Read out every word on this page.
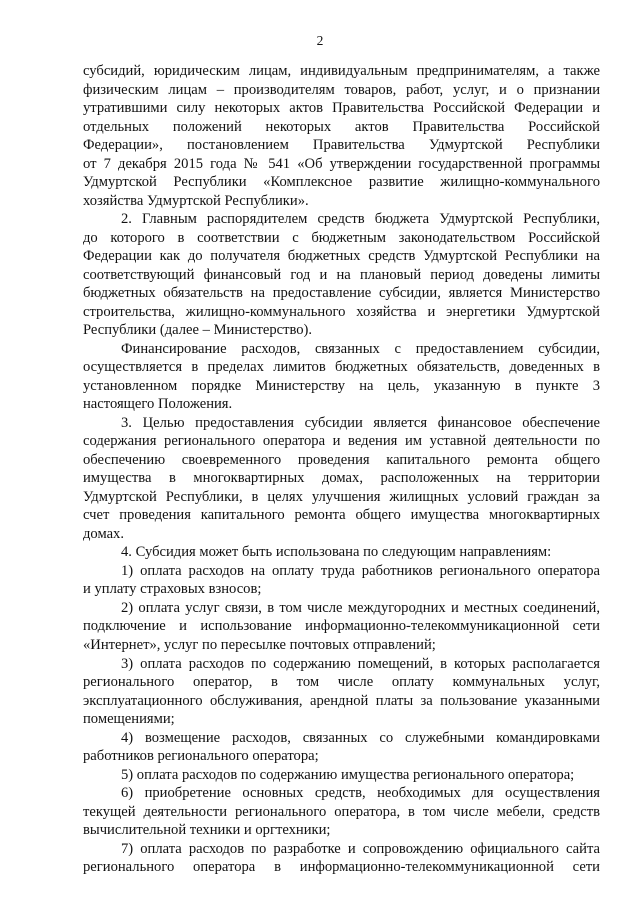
2
субсидий, юридическим лицам, индивидуальным предпринимателям, а также
физическим лицам – производителям товаров, работ, услуг, и о признании
утратившими силу некоторых актов Правительства Российской Федерации и
отдельных положений некоторых актов Правительства Российской
Федерации», постановлением Правительства Удмуртской Республики
от 7 декабря 2015 года № 541 «Об утверждении государственной программы
Удмуртской Республики «Комплексное развитие жилищно-коммунального
хозяйства Удмуртской Республики».
2. Главным распорядителем средств бюджета Удмуртской Республики,
до которого в соответствии с бюджетным законодательством Российской
Федерации как до получателя бюджетных средств Удмуртской Республики на
соответствующий финансовый год и на плановый период доведены лимиты
бюджетных обязательств на предоставление субсидии, является Министерство
строительства, жилищно-коммунального хозяйства и энергетики Удмуртской
Республики (далее – Министерство).
Финансирование расходов, связанных с предоставлением субсидии,
осуществляется в пределах лимитов бюджетных обязательств, доведенных в
установленном порядке Министерству на цель, указанную в пункте 3
настоящего Положения.
3. Целью предоставления субсидии является финансовое обеспечение
содержания регионального оператора и ведения им уставной деятельности по
обеспечению своевременного проведения капитального ремонта общего
имущества в многоквартирных домах, расположенных на территории
Удмуртской Республики, в целях улучшения жилищных условий граждан за
счет проведения капитального ремонта общего имущества многоквартирных
домах.
4. Субсидия может быть использована по следующим направлениям:
1) оплата расходов на оплату труда работников регионального оператора
и уплату страховых взносов;
2) оплата услуг связи, в том числе междугородних и местных соединений,
подключение и использование информационно-телекоммуникационной сети
«Интернет», услуг по пересылке почтовых отправлений;
3) оплата расходов по содержанию помещений, в которых располагается
регионального оператор, в том числе оплату коммунальных услуг,
эксплуатационного обслуживания, арендной платы за пользование указанными
помещениями;
4) возмещение расходов, связанных со служебными командировками
работников регионального оператора;
5) оплата расходов по содержанию имущества регионального оператора;
6) приобретение основных средств, необходимых для осуществления
текущей деятельности регионального оператора, в том числе мебели, средств
вычислительной техники и оргтехники;
7) оплата расходов по разработке и сопровождению официального сайта
регионального оператора в информационно-телекоммуникационной сети
